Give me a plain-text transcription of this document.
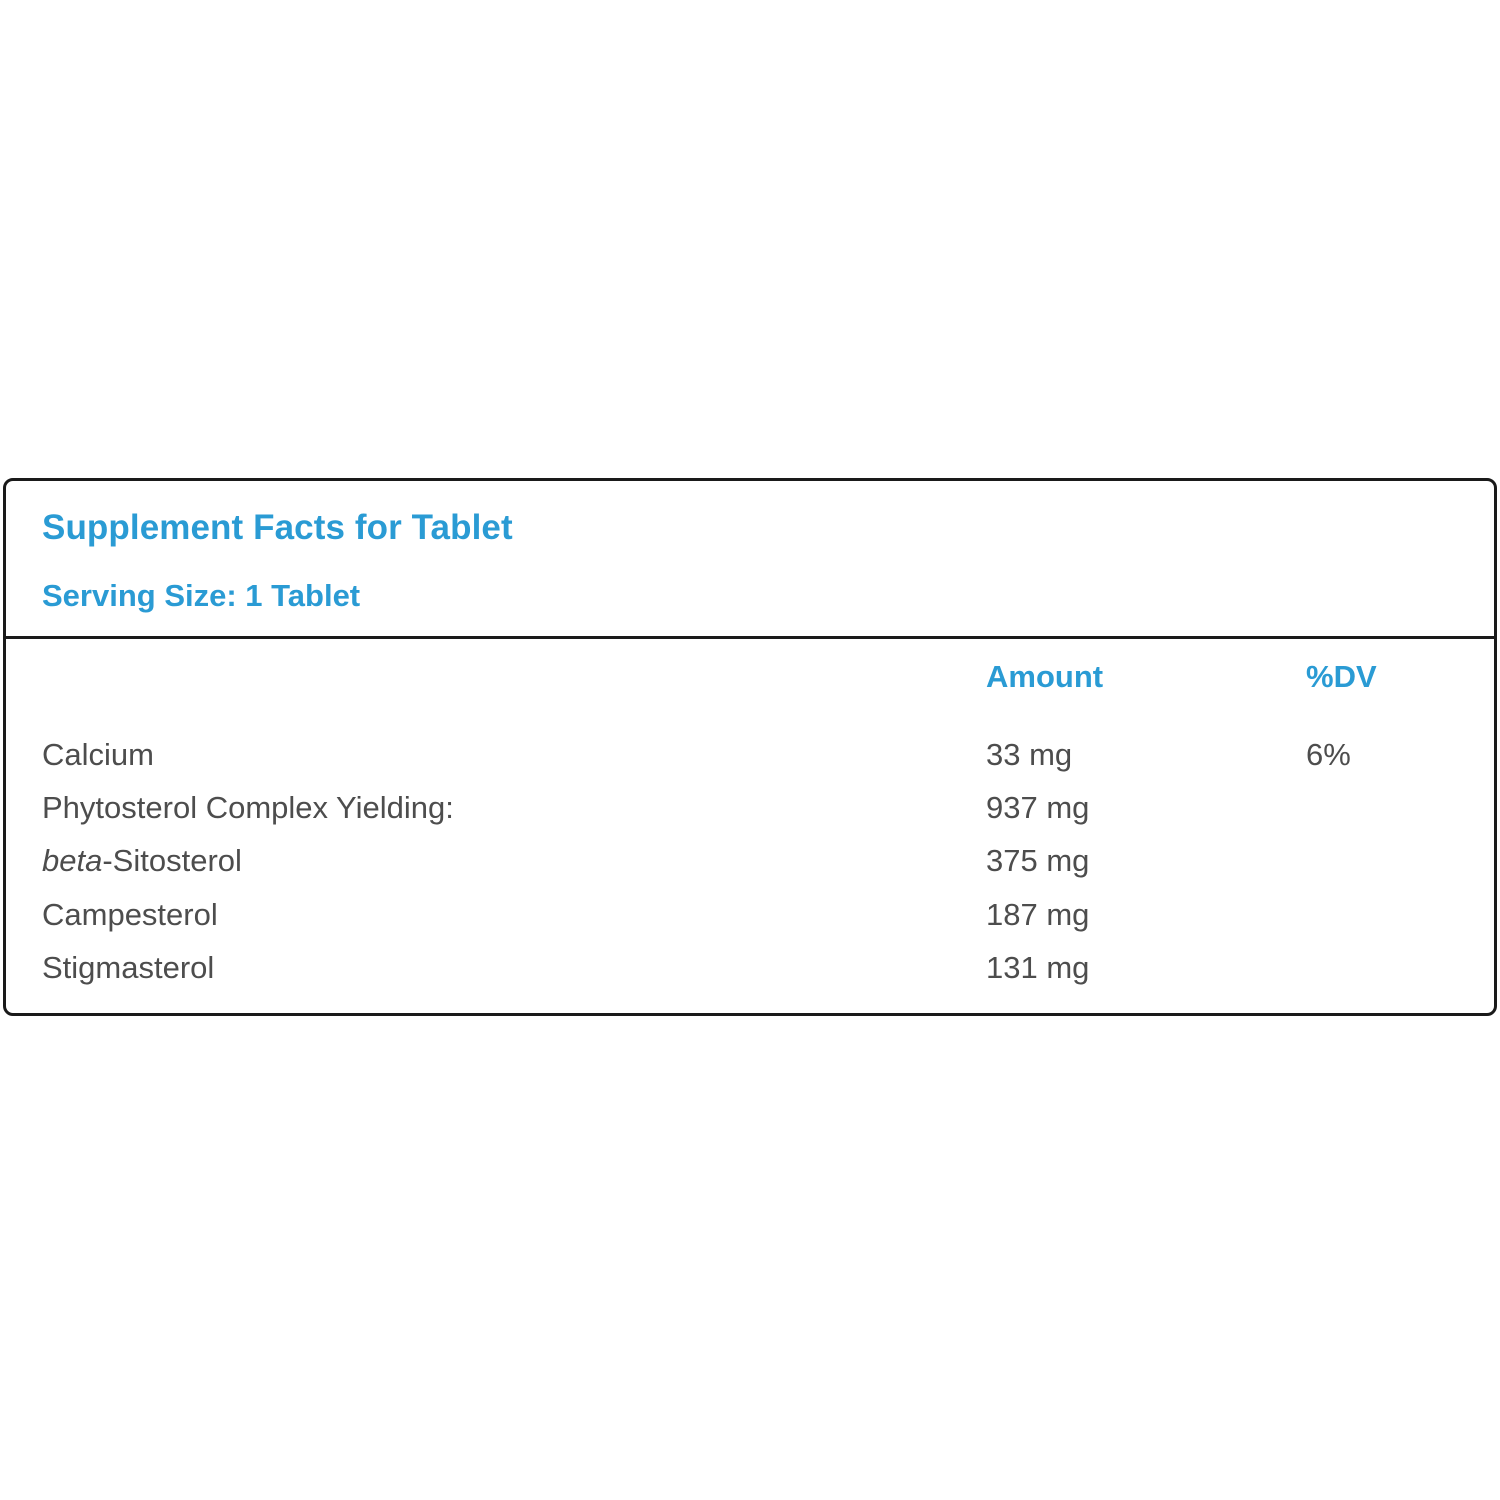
Supplement Facts for Tablet
Serving Size: 1 Tablet
	Amount	%DV
Calcium	33 mg	6%
Phytosterol Complex Yielding:	937 mg	
beta-Sitosterol	375 mg	
Campesterol	187 mg	
Stigmasterol	131 mg	
